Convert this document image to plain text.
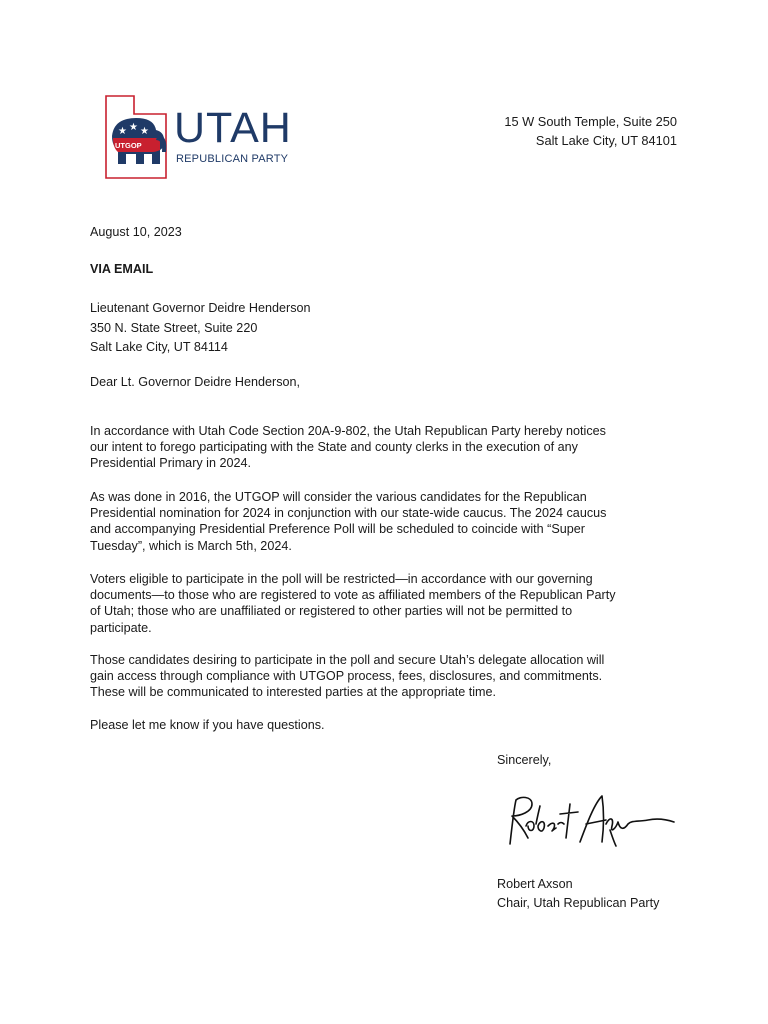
★ ★ ★
UTGOP UTAH
REPUBLICAN PARTY
15 W South Temple, Suite 250
Salt Lake City, UT 84101
August 10, 2023
VIA EMAIL
Lieutenant Governor Deidre Henderson
350 N. State Street, Suite 220
Salt Lake City, UT 84114
Dear Lt. Governor Deidre Henderson,
In accordance with Utah Code Section 20A-9-802, the Utah Republican Party hereby notices
our intent to forego participating with the State and county clerks in the execution of any
Presidential Primary in 2024.
As was done in 2016, the UTGOP will consider the various candidates for the Republican
Presidential nomination for 2024 in conjunction with our state-wide caucus. The 2024 caucus
and accompanying Presidential Preference Poll will be scheduled to coincide with “Super
Tuesday”, which is March 5th, 2024.
Voters eligible to participate in the poll will be restricted—in accordance with our governing
documents—to those who are registered to vote as affiliated members of the Republican Party
of Utah; those who are unaffiliated or registered to other parties will not be permitted to
participate.
Those candidates desiring to participate in the poll and secure Utah’s delegate allocation will
gain access through compliance with UTGOP process, fees, disclosures, and commitments.
These will be communicated to interested parties at the appropriate time.
Please let me know if you have questions.
Sincerely,
Robert Axson
Robert Axson
Chair, Utah Republican Party
